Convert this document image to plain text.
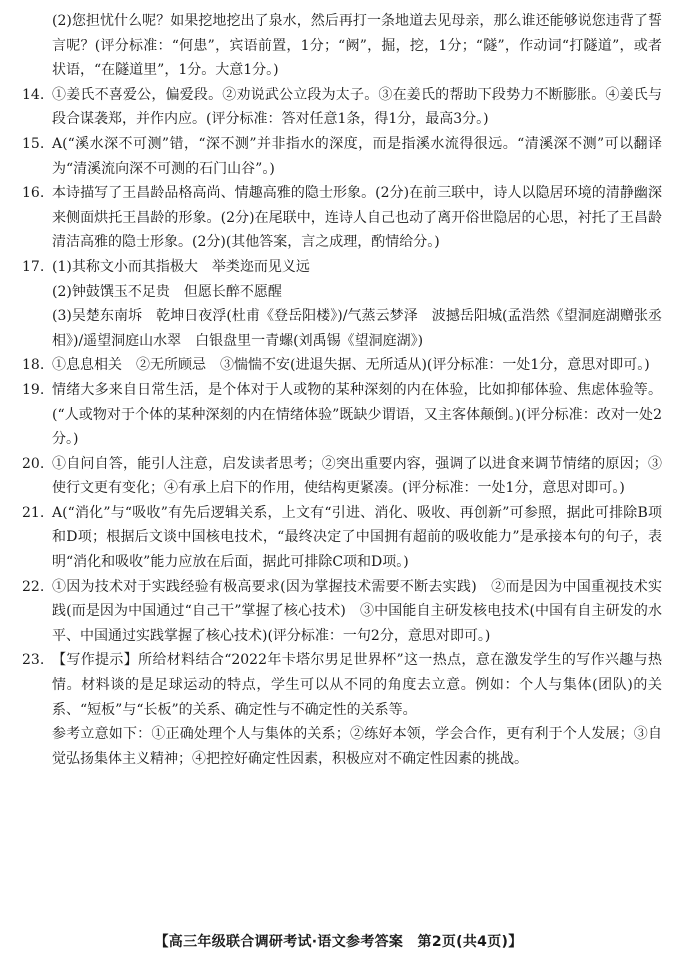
(2)您担忧什么呢？如果挖地挖出了泉水，然后再打一条地道去见母亲，那么谁还能够说您违背了誓言呢？(评分标准：“何患”，宾语前置，1分；“阙”，掘，挖，1分；“隧”，作动词“打隧道”，或者状语，“在隧道里”，1分。大意1分。)

14. ①姜氏不喜爱公，偏爱段。②劝说武公立段为太子。③在姜氏的帮助下段势力不断膨胀。④姜氏与段合谋袭郑，并作内应。(评分标准：答对任意1条，得1分，最高3分。)

15. A(“溪水深不可测”错，“深不测”并非指水的深度，而是指溪水流得很远。“清溪深不测”可以翻译为“清溪流向深不可测的石门山谷”。)

16. 本诗描写了王昌龄品格高尚、情趣高雅的隐士形象。(2分)在前三联中，诗人以隐居环境的清静幽深来侧面烘托王昌龄的形象。(2分)在尾联中，连诗人自己也动了离开俗世隐居的心思，衬托了王昌龄清洁高雅的隐士形象。(2分)(其他答案，言之成理，酌情给分。)

17. (1)其称文小而其指极大　举类迩而见义远

(2)钟鼓馔玉不足贵　但愿长醉不愿醒

(3)吴楚东南坼　乾坤日夜浮(杜甫《登岳阳楼》)/气蒸云梦泽　波撼岳阳城(孟浩然《望洞庭湖赠张丞相》)/遥望洞庭山水翠　白银盘里一青螺(刘禹锡《望洞庭湖》)

18. ①息息相关　②无所顾忌　③惴惴不安(进退失据、无所适从)(评分标准：一处1分，意思对即可。)

19. 情绪大多来自日常生活，是个体对于人或物的某种深刻的内在体验，比如抑郁体验、焦虑体验等。(“人或物对于个体的某种深刻的内在情绪体验”既缺少谓语，又主客体颠倒。)(评分标准：改对一处2分。)

20. ①自问自答，能引人注意，启发读者思考；②突出重要内容，强调了以进食来调节情绪的原因；③使行文更有变化；④有承上启下的作用，使结构更紧凑。(评分标准：一处1分，意思对即可。)

21. A(“消化”与“吸收”有先后逻辑关系，上文有“引进、消化、吸收、再创新”可参照，据此可排除B项和D项；根据后文谈中国核电技术，“最终决定了中国拥有超前的吸收能力”是承接本句的句子，表明“消化和吸收”能力应放在后面，据此可排除C项和D项。)

22. ①因为技术对于实践经验有极高要求(因为掌握技术需要不断去实践)　②而是因为中国重视技术实践(而是因为中国通过“自己干”掌握了核心技术)　③中国能自主研发核电技术(中国有自主研发的水平、中国通过实践掌握了核心技术)(评分标准：一句2分，意思对即可。)

23. 【写作提示】所给材料结合“2022年卡塔尔男足世界杯”这一热点，意在激发学生的写作兴趣与热情。材料谈的是足球运动的特点，学生可以从不同的角度去立意。例如：个人与集体(团队)的关系、“短板”与“长板”的关系、确定性与不确定性的关系等。

参考立意如下：①正确处理个人与集体的关系；②练好本领，学会合作，更有利于个人发展；③自觉弘扬集体主义精神；④把控好确定性因素，积极应对不确定性因素的挑战。

【高三年级联合调研考试·语文参考答案　第2页(共4页)】
